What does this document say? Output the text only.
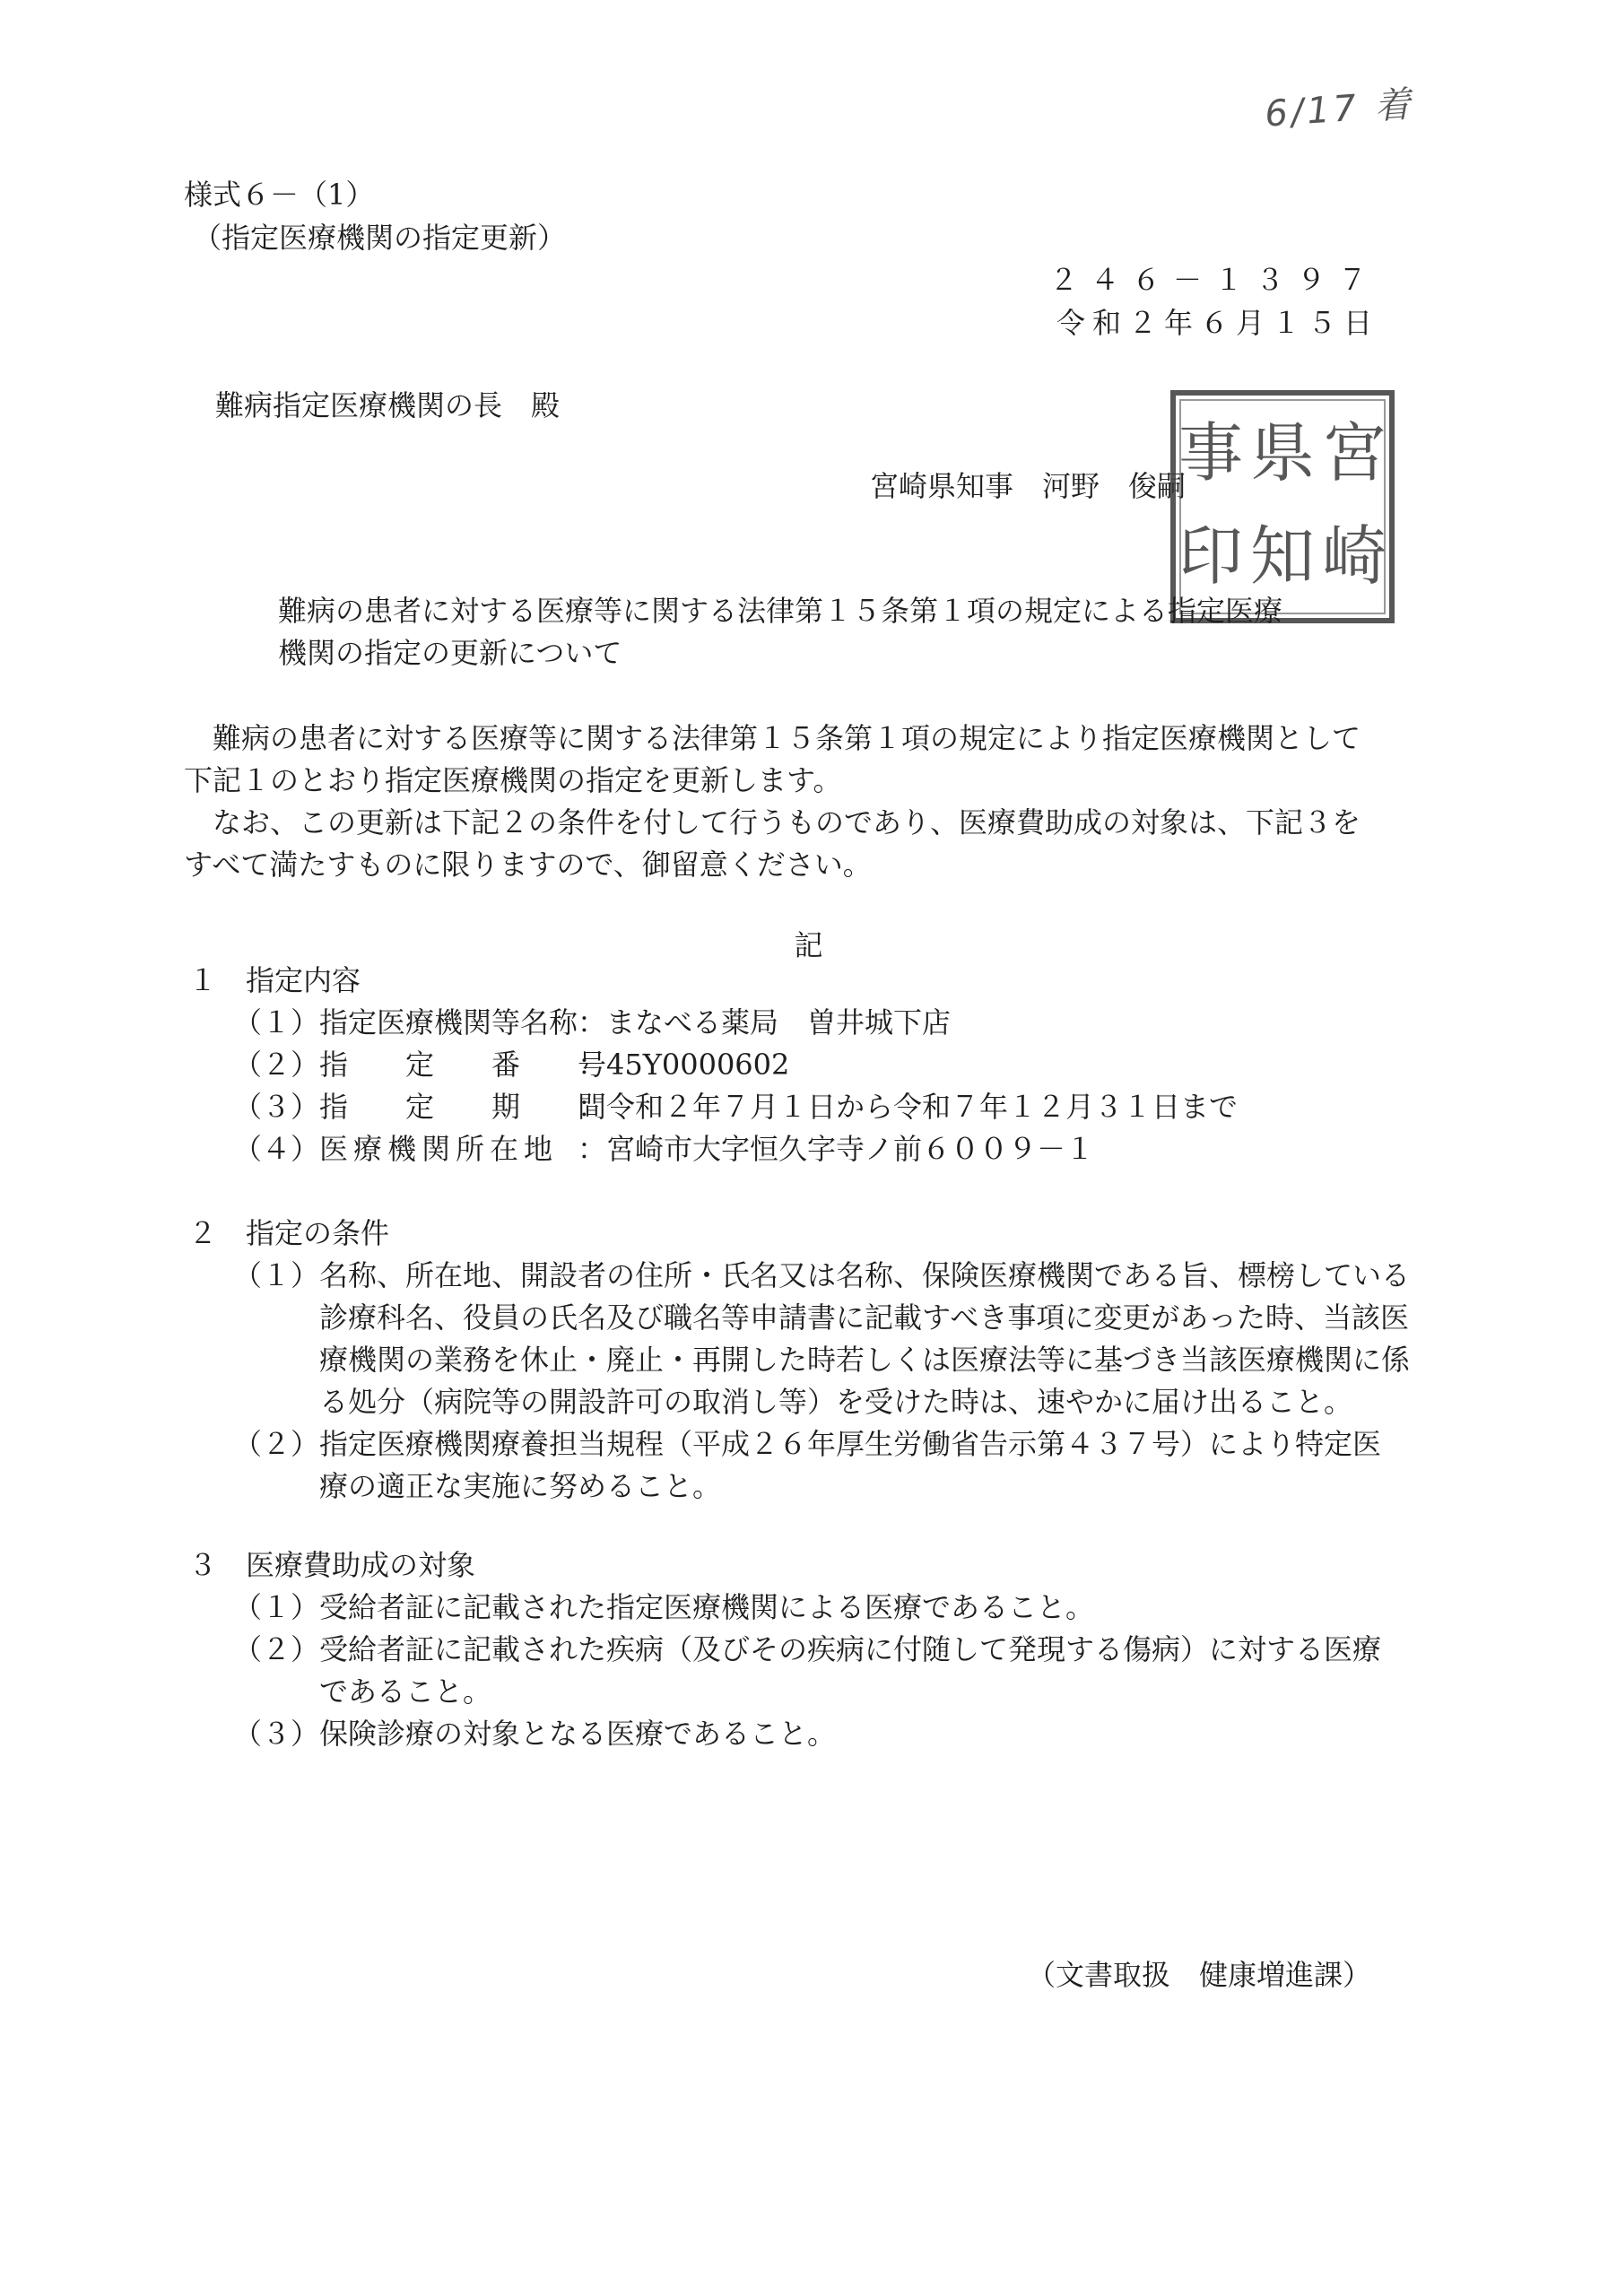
6/17 着
様式６－（1）
（指定医療機関の指定更新）
２４６－１３９７
令和２年６月１５日
難病指定医療機関の長　殿
宮崎県知事　河野　俊嗣 宮
崎
県
知
事
印
難病の患者に対する医療等に関する法律第１５条第１項の規定による指定医療
機関の指定の更新について
難病の患者に対する医療等に関する法律第１５条第１項の規定により指定医療機関として
下記１のとおり指定医療機関の指定を更新します。
なお、この更新は下記２の条件を付して行うものであり、医療費助成の対象は、下記３を
すべて満たすものに限りますので、御留意ください。
記
１　指定内容
（１）指定医療機関等名称：まなべる薬局　曽井城下店
（２）指　　定　　番　　号：45Y0000602
（３）指　　定　　期　　間：令和２年７月１日から令和７年１２月３１日まで
（４）医療機関所在地 ：宮崎市大字恒久字寺ノ前６００９－１
２　指定の条件
（１） 名称、所在地、開設者の住所・氏名又は名称、保険医療機関である旨、標榜している
診療科名、役員の氏名及び職名等申請書に記載すべき事項に変更があった時、当該医
療機関の業務を休止・廃止・再開した時若しくは医療法等に基づき当該医療機関に係
る処分（病院等の開設許可の取消し等）を受けた時は、速やかに届け出ること。
（２） 指定医療機関療養担当規程（平成２６年厚生労働省告示第４３７号）により特定医
療の適正な実施に努めること。
３　医療費助成の対象
（１） 受給者証に記載された指定医療機関による医療であること。
（２） 受給者証に記載された疾病（及びその疾病に付随して発現する傷病）に対する医療
であること。
（３） 保険診療の対象となる医療であること。
（文書取扱　健康増進課）
